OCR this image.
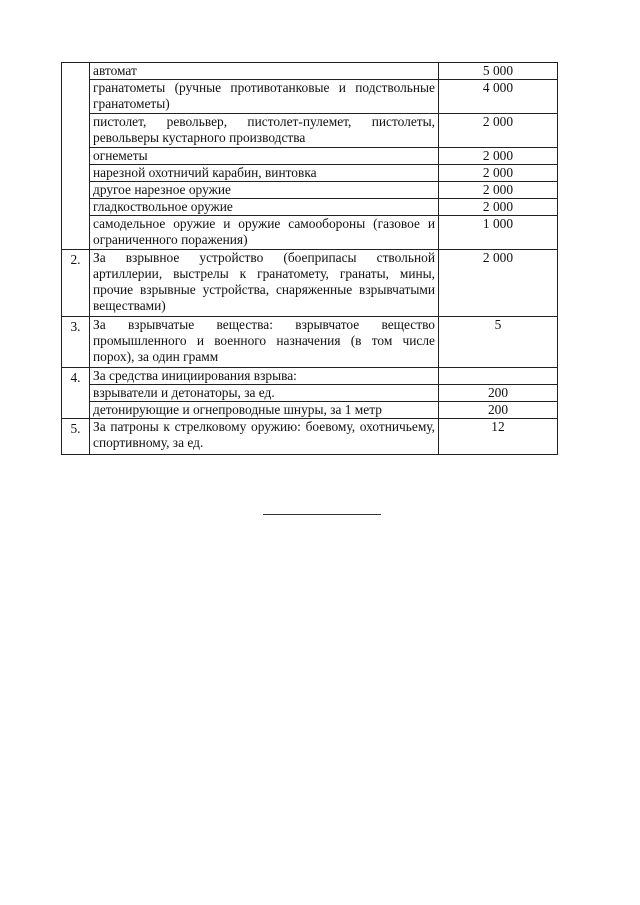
	автомат	5 000
	гранатометы (ручные противотанковые и подствольные гранатометы)	4 000
	пистолет, револьвер, пистолет-пулемет, пистолеты, револьверы кустарного производства	2 000
	огнеметы	2 000
	нарезной охотничий карабин, винтовка	2 000
	другое нарезное оружие	2 000
	гладкоствольное оружие	2 000
	самодельное оружие и оружие самообороны (газовое и ограниченного поражения)	1 000
2.	За взрывное устройство (боеприпасы ствольной артиллерии, выстрелы к гранатомету, гранаты, мины, прочие взрывные устройства, снаряженные взрывчатыми веществами)	2 000
3.	За взрывчатые вещества: взрывчатое вещество промышленного и военного назначения (в том числе порох), за один грамм	5
4.	За средства инициирования взрыва:	
	взрыватели и детонаторы, за ед.	200
	детонирующие и огнепроводные шнуры, за 1 метр	200
5.	За патроны к стрелковому оружию: боевому, охотничьему, спортивному, за ед.	12
